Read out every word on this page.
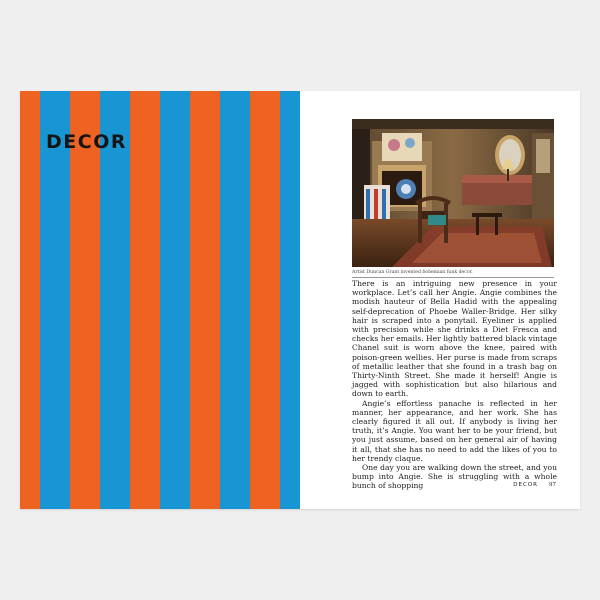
DECOR
Artist Duncan Grant invented bohemian funk decor.

There is an intriguing new presence in your workplace. Let’s call her Angie. Angie combines the modish hauteur of Bella Hadid with the appealing self-deprecation of Phoebe Waller-Bridge. Her silky hair is scraped into a ponytail. Eyeliner is applied with precision while she drinks a Diet Fresca and checks her emails. Her lightly battered black vintage Chanel suit is worn above the knee, paired with poison-green wellies. Her purse is made from scraps of metallic leather that she found in a trash bag on Thirty-Ninth Street. She made it herself! Angie is jagged with sophistication but also hilarious and down to earth.

Angie’s effortless panache is reflected in her manner, her appearance, and her work. She has clearly figured it all out. If anybody is living her truth, it’s Angie. You want her to be your friend, but you just assume, based on her general air of having it all, that she has no need to add the likes of you to her trendy claque.

One day you are walking down the street, and you bump into Angie. She is struggling with a whole bunch of shopping	DECOR 97
